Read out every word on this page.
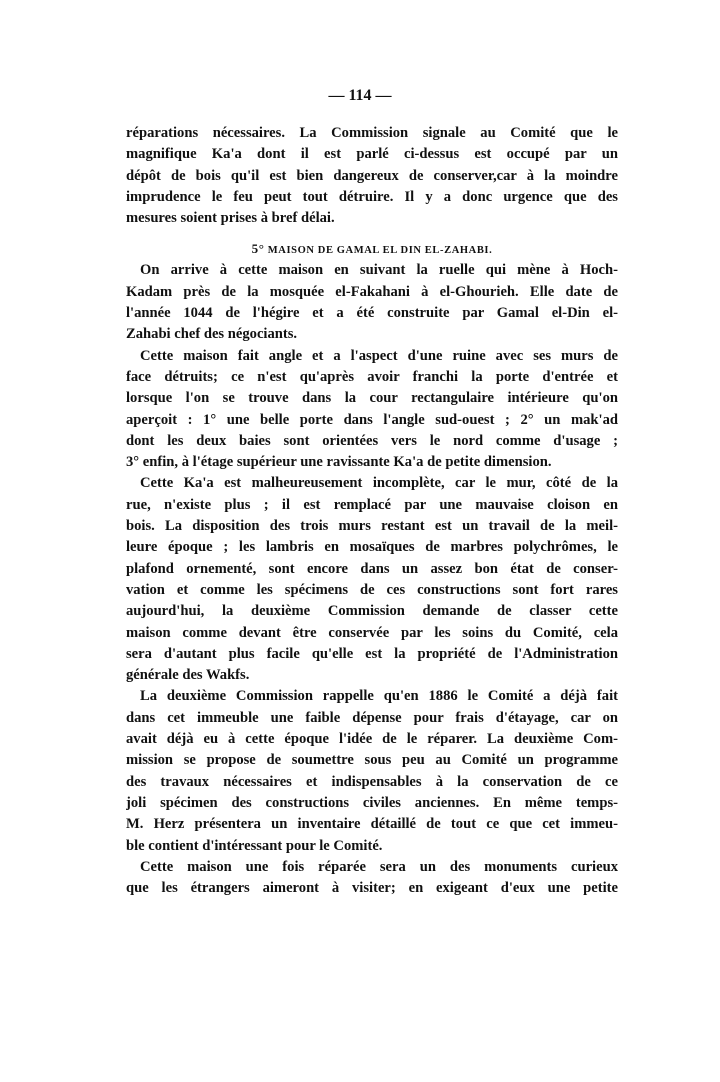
— 114 —
réparations nécessaires. La Commission signale au Comité que le
magnifique Ka'a dont il est parlé ci-dessus est occupé par un
dépôt de bois qu'il est bien dangereux de conserver,car à la moindre
imprudence le feu peut tout détruire. Il y a donc urgence que des
mesures soient prises à bref délai.
5° MAISON DE GAMAL EL DIN EL-ZAHABI.
On arrive à cette maison en suivant la ruelle qui mène à Hoch-
Kadam près de la mosquée el-Fakahani à el-Ghourieh. Elle date de
l'année 1044 de l'hégire et a été construite par Gamal el-Din el-
Zahabi chef des négociants.
Cette maison fait angle et a l'aspect d'une ruine avec ses murs de
face détruits; ce n'est qu'après avoir franchi la porte d'entrée et
lorsque l'on se trouve dans la cour rectangulaire intérieure qu'on
aperçoit : 1° une belle porte dans l'angle sud-ouest ; 2° un mak'ad
dont les deux baies sont orientées vers le nord comme d'usage ;
3° enfin, à l'étage supérieur une ravissante Ka'a de petite dimension.
Cette Ka'a est malheureusement incomplète, car le mur, côté de la
rue, n'existe plus ; il est remplacé par une mauvaise cloison en
bois. La disposition des trois murs restant est un travail de la meil-
leure époque ; les lambris en mosaïques de marbres polychrômes, le
plafond ornementé, sont encore dans un assez bon état de conser-
vation et comme les spécimens de ces constructions sont fort rares
aujourd'hui, la deuxième Commission demande de classer cette
maison comme devant être conservée par les soins du Comité, cela
sera d'autant plus facile qu'elle est la propriété de l'Administration
générale des Wakfs.
La deuxième Commission rappelle qu'en 1886 le Comité a déjà fait
dans cet immeuble une faible dépense pour frais d'étayage, car on
avait déjà eu à cette époque l'idée de le réparer. La deuxième Com-
mission se propose de soumettre sous peu au Comité un programme
des travaux nécessaires et indispensables à la conservation de ce
joli spécimen des constructions civiles anciennes. En même temps-
M. Herz présentera un inventaire détaillé de tout ce que cet immeu-
ble contient d'intéressant pour le Comité.
Cette maison une fois réparée sera un des monuments curieux
que les étrangers aimeront à visiter; en exigeant d'eux une petite
